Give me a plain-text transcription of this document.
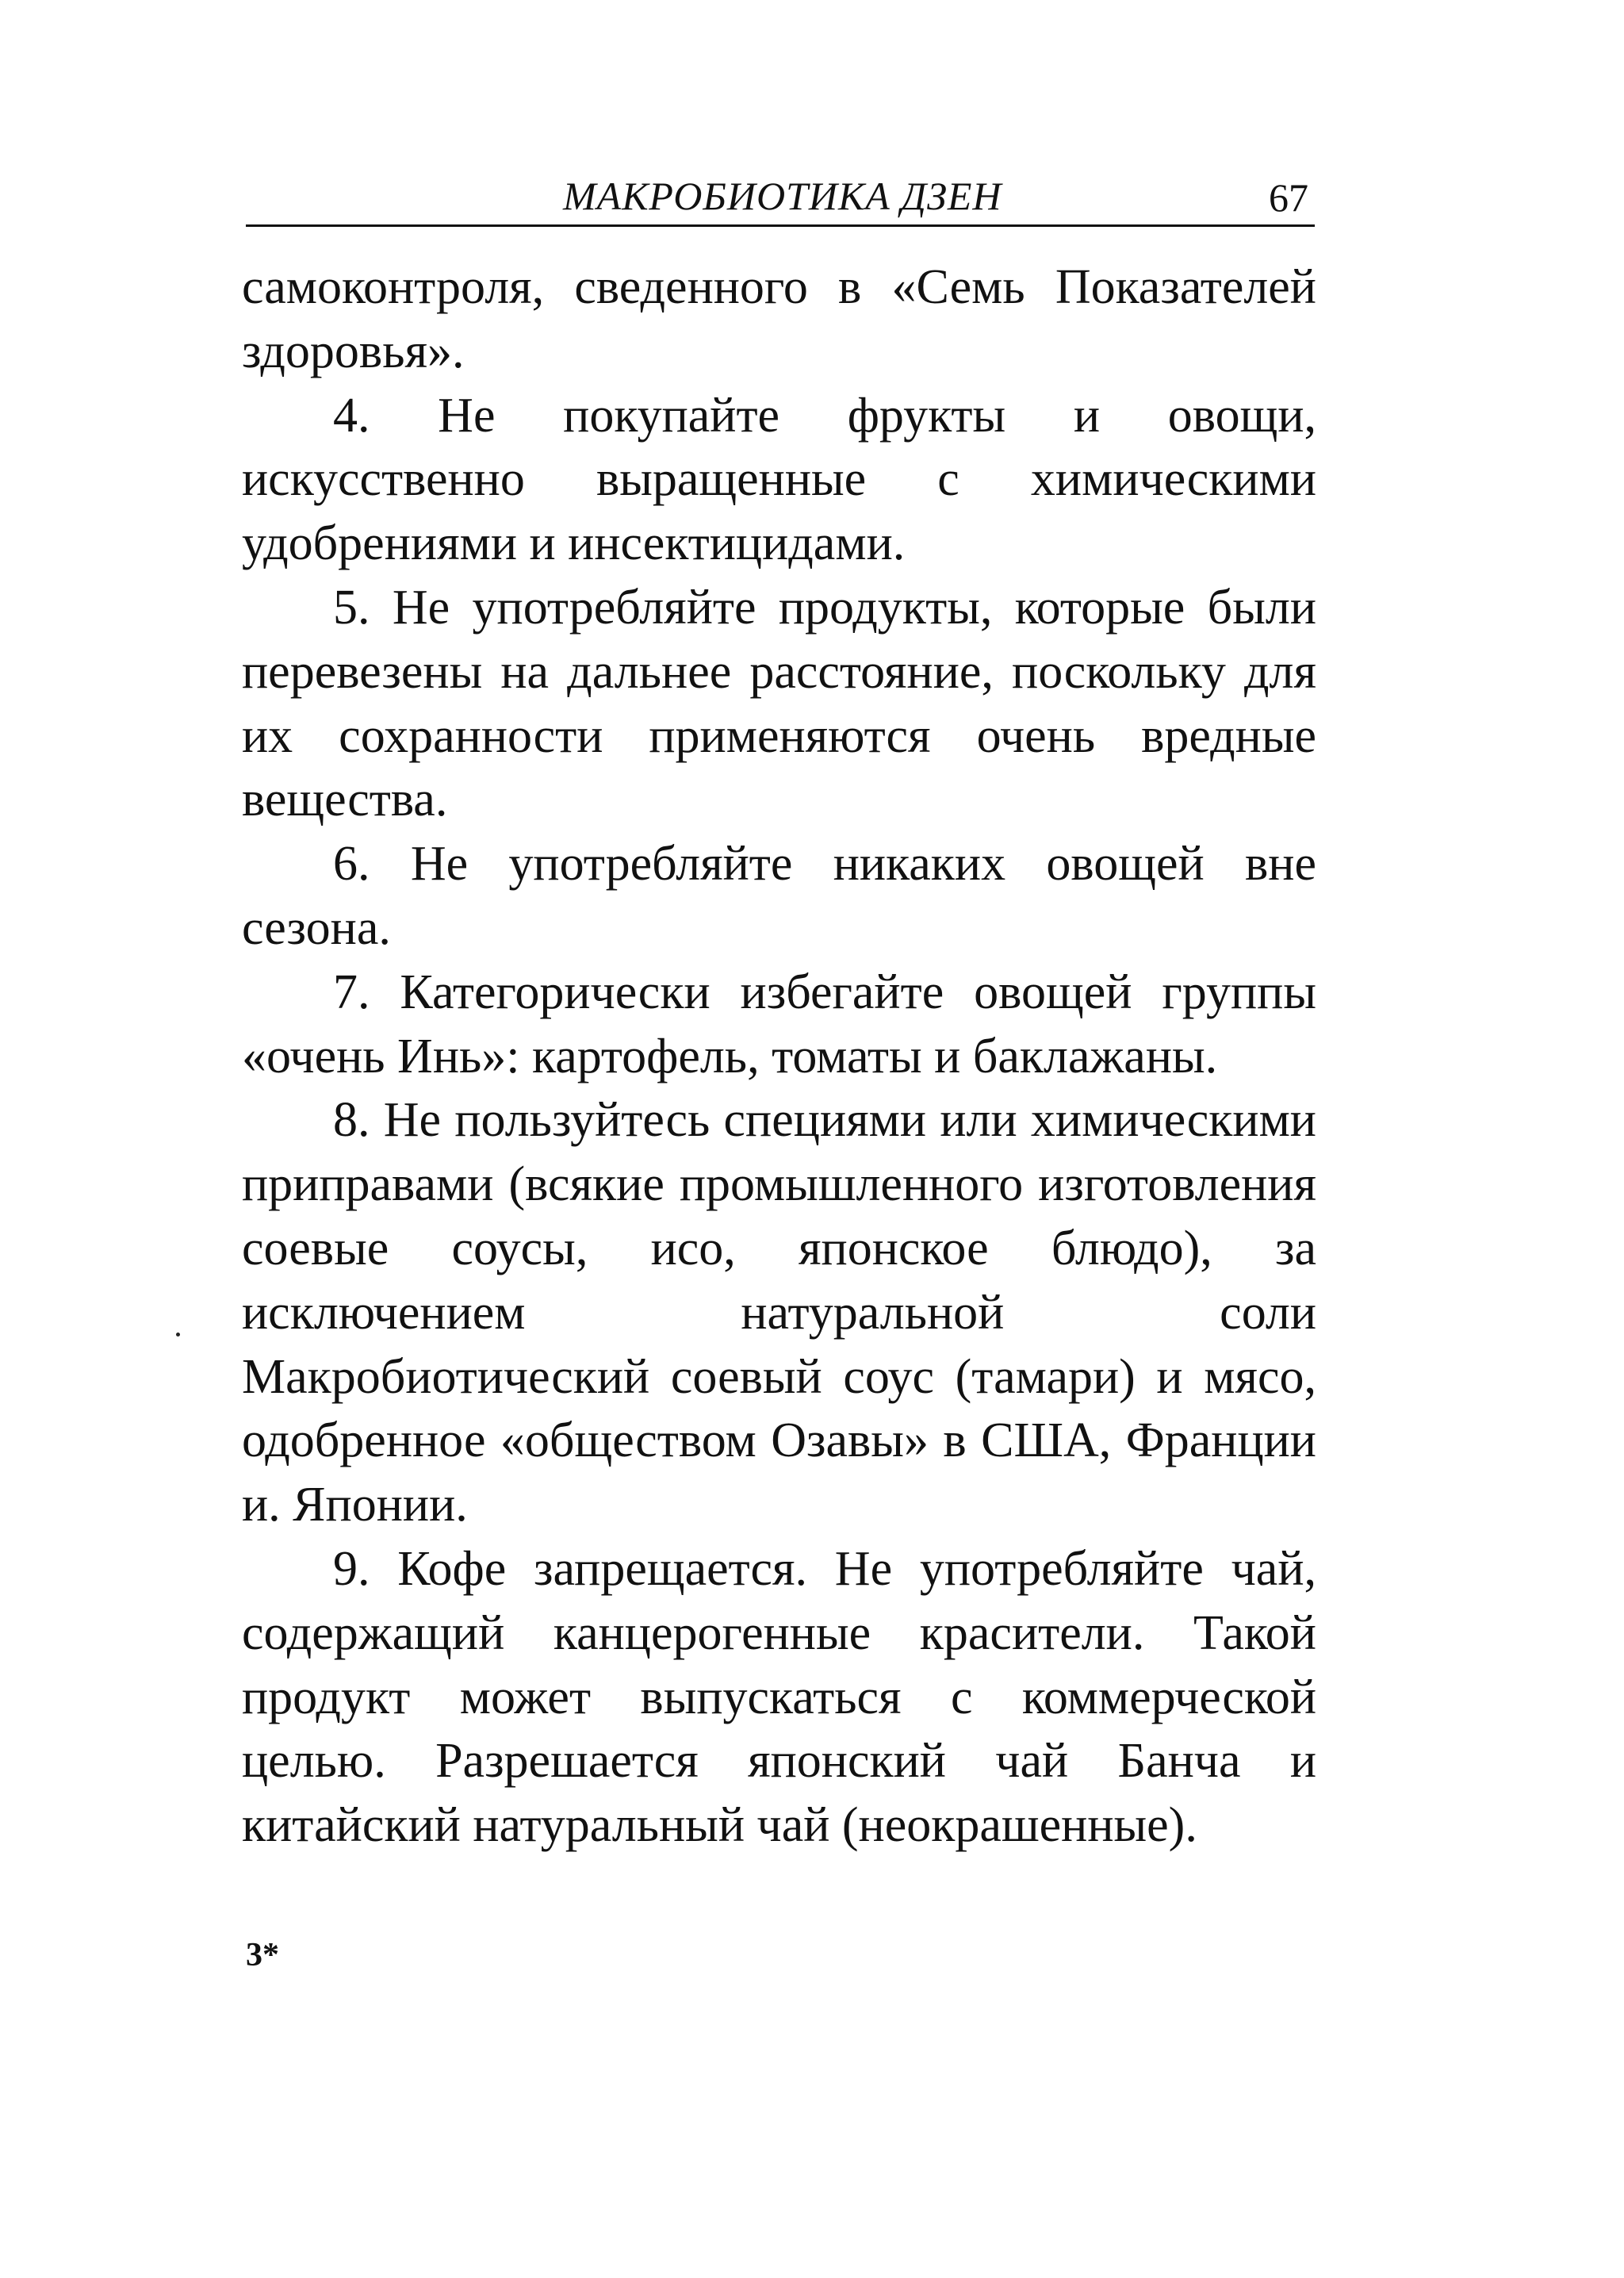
МАКРОБИОТИКА ДЗЕН	67

самоконтроля, сведенного в «Семь Показателей здоровья».

4. Не покупайте фрукты и овощи, искусственно выращенные с химическими удобрениями и инсектицидами.

5. Не употребляйте продукты, которые были перевезены на дальнее расстояние, поскольку для их сохранности применяются очень вредные вещества.

6. Не употребляйте никаких овощей вне сезона.

7. Категорически избегайте овощей группы «очень Инь»: картофель, томаты и баклажаны.

8. Не пользуйтесь специями или химическими приправами (всякие промышленного изготовления соевые соусы, исо, японское блюдо), за исключением натуральной соли Макробиотический соевый соус (тамари) и мясо, одобренное «обществом Озавы» в США, Франции и. Японии.

9. Кофе запрещается. Не употребляйте чай, содержащий канцерогенные красители. Такой продукт может выпускаться с коммерческой целью. Разрешается японский чай Банча и китайский натуральный чай (неокрашенные).

3*
